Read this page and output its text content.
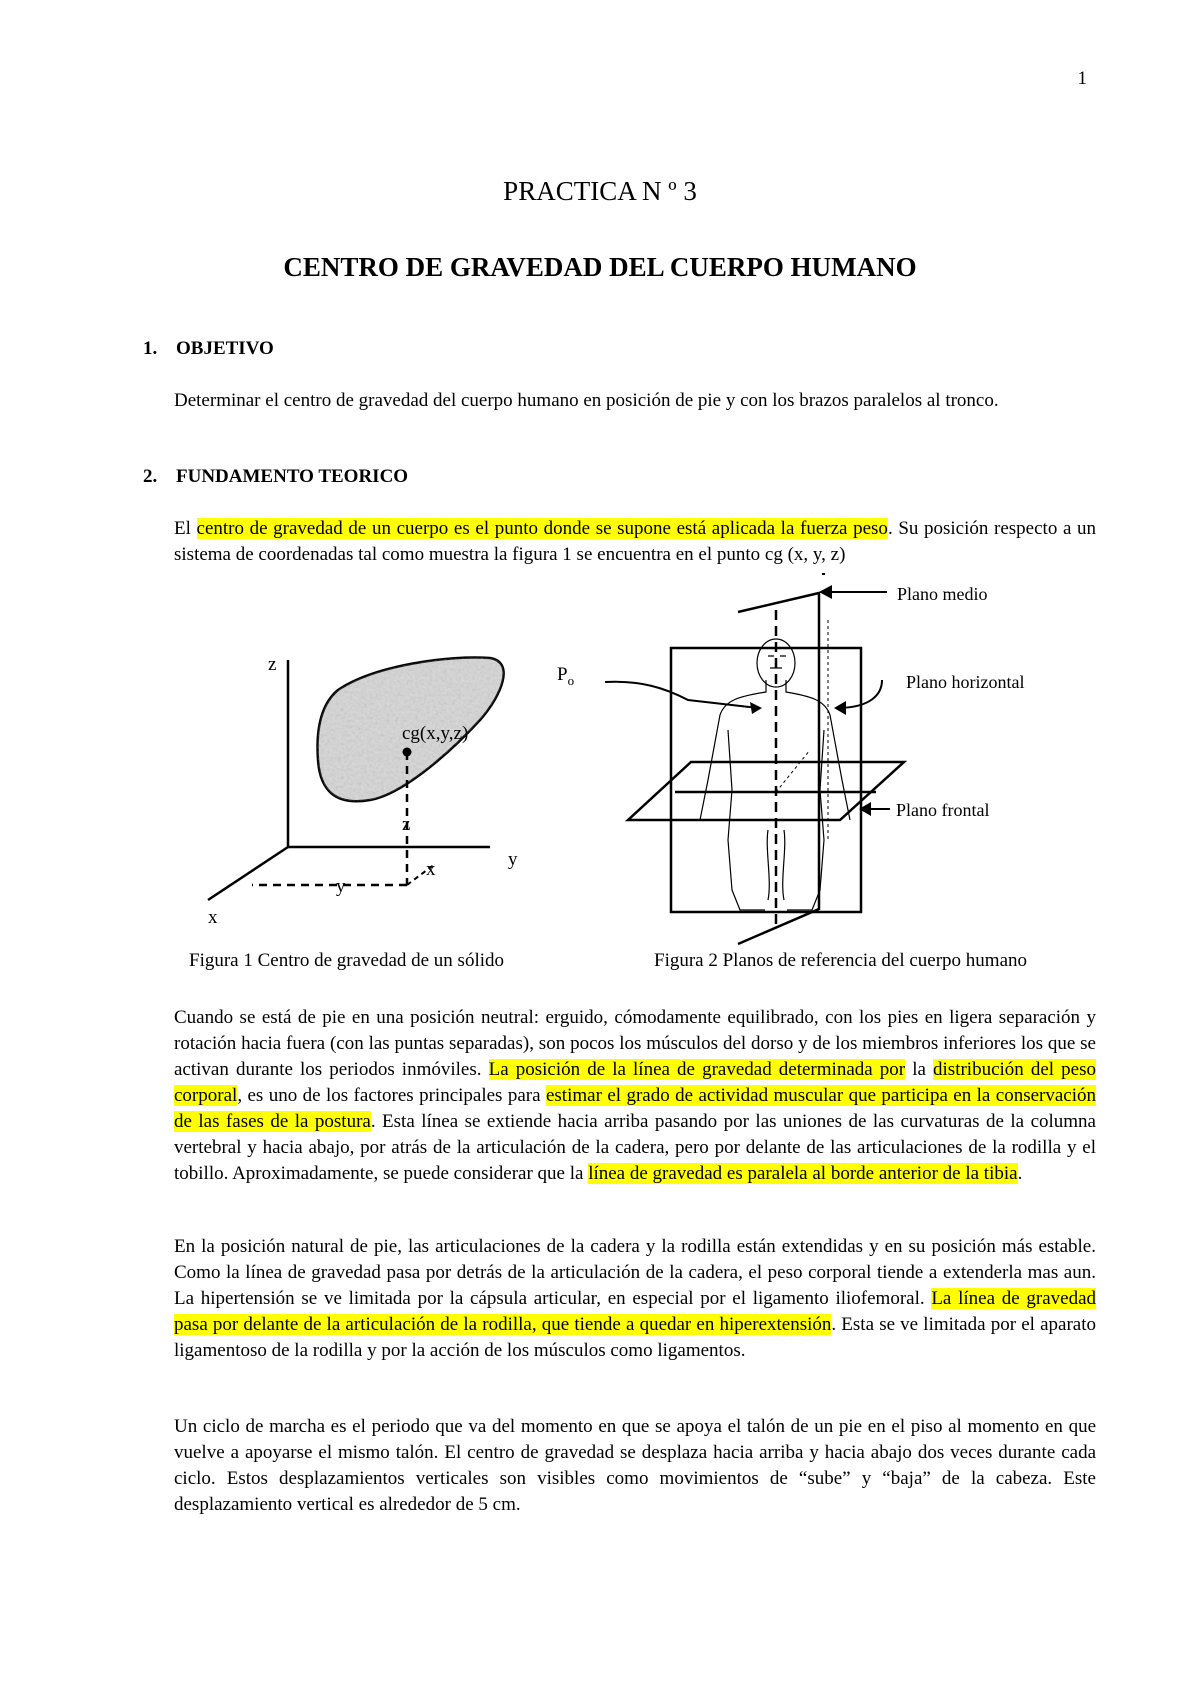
1
PRACTICA N º 3
CENTRO DE GRAVEDAD DEL CUERPO HUMANO
1. OBJETIVO

Determinar el centro de gravedad del cuerpo humano en posición de pie y con los brazos paralelos al tronco.

2. FUNDAMENTO TEORICO

El centro de gravedad de un cuerpo es el punto donde se supone está aplicada la fuerza peso. Su posición respecto a un sistema de coordenadas tal como muestra la figura 1 se encuentra en el punto cg (x, y, z)

cg(x,y,z)
z
y
x
z
y
x
$P_o$
Plano medio
Plano horizontal
Plano frontal
Figura 1 Centro de gravedad de un sólido	Figura 2 Planos de referencia del cuerpo humano

Cuando se está de pie en una posición neutral: erguido, cómodamente equilibrado, con los pies en ligera separación y rotación hacia fuera (con las puntas separadas), son pocos los músculos del dorso y de los miembros inferiores los que se activan durante los periodos inmóviles. La posición de la línea de gravedad determinada por la distribución del peso corporal, es uno de los factores principales para estimar el grado de actividad muscular que participa en la conservación de las fases de la postura. Esta línea se extiende hacia arriba pasando por las uniones de las curvaturas de la columna vertebral y hacia abajo, por atrás de la articulación de la cadera, pero por delante de las articulaciones de la rodilla y el tobillo. Aproximadamente, se puede considerar que la línea de gravedad es paralela al borde anterior de la tibia.

En la posición natural de pie, las articulaciones de la cadera y la rodilla están extendidas y en su posición más estable. Como la línea de gravedad pasa por detrás de la articulación de la cadera, el peso corporal tiende a extenderla mas aun. La hipertensión se ve limitada por la cápsula articular, en especial por el ligamento iliofemoral. La línea de gravedad pasa por delante de la articulación de la rodilla, que tiende a quedar en hiperextensión. Esta se ve limitada por el aparato ligamentoso de la rodilla y por la acción de los músculos como ligamentos.

Un ciclo de marcha es el periodo que va del momento en que se apoya el talón de un pie en el piso al momento en que vuelve a apoyarse el mismo talón. El centro de gravedad se desplaza hacia arriba y hacia abajo dos veces durante cada ciclo. Estos desplazamientos verticales son visibles como movimientos de “sube” y “baja” de la cabeza. Este desplazamiento vertical es alrededor de 5 cm.
